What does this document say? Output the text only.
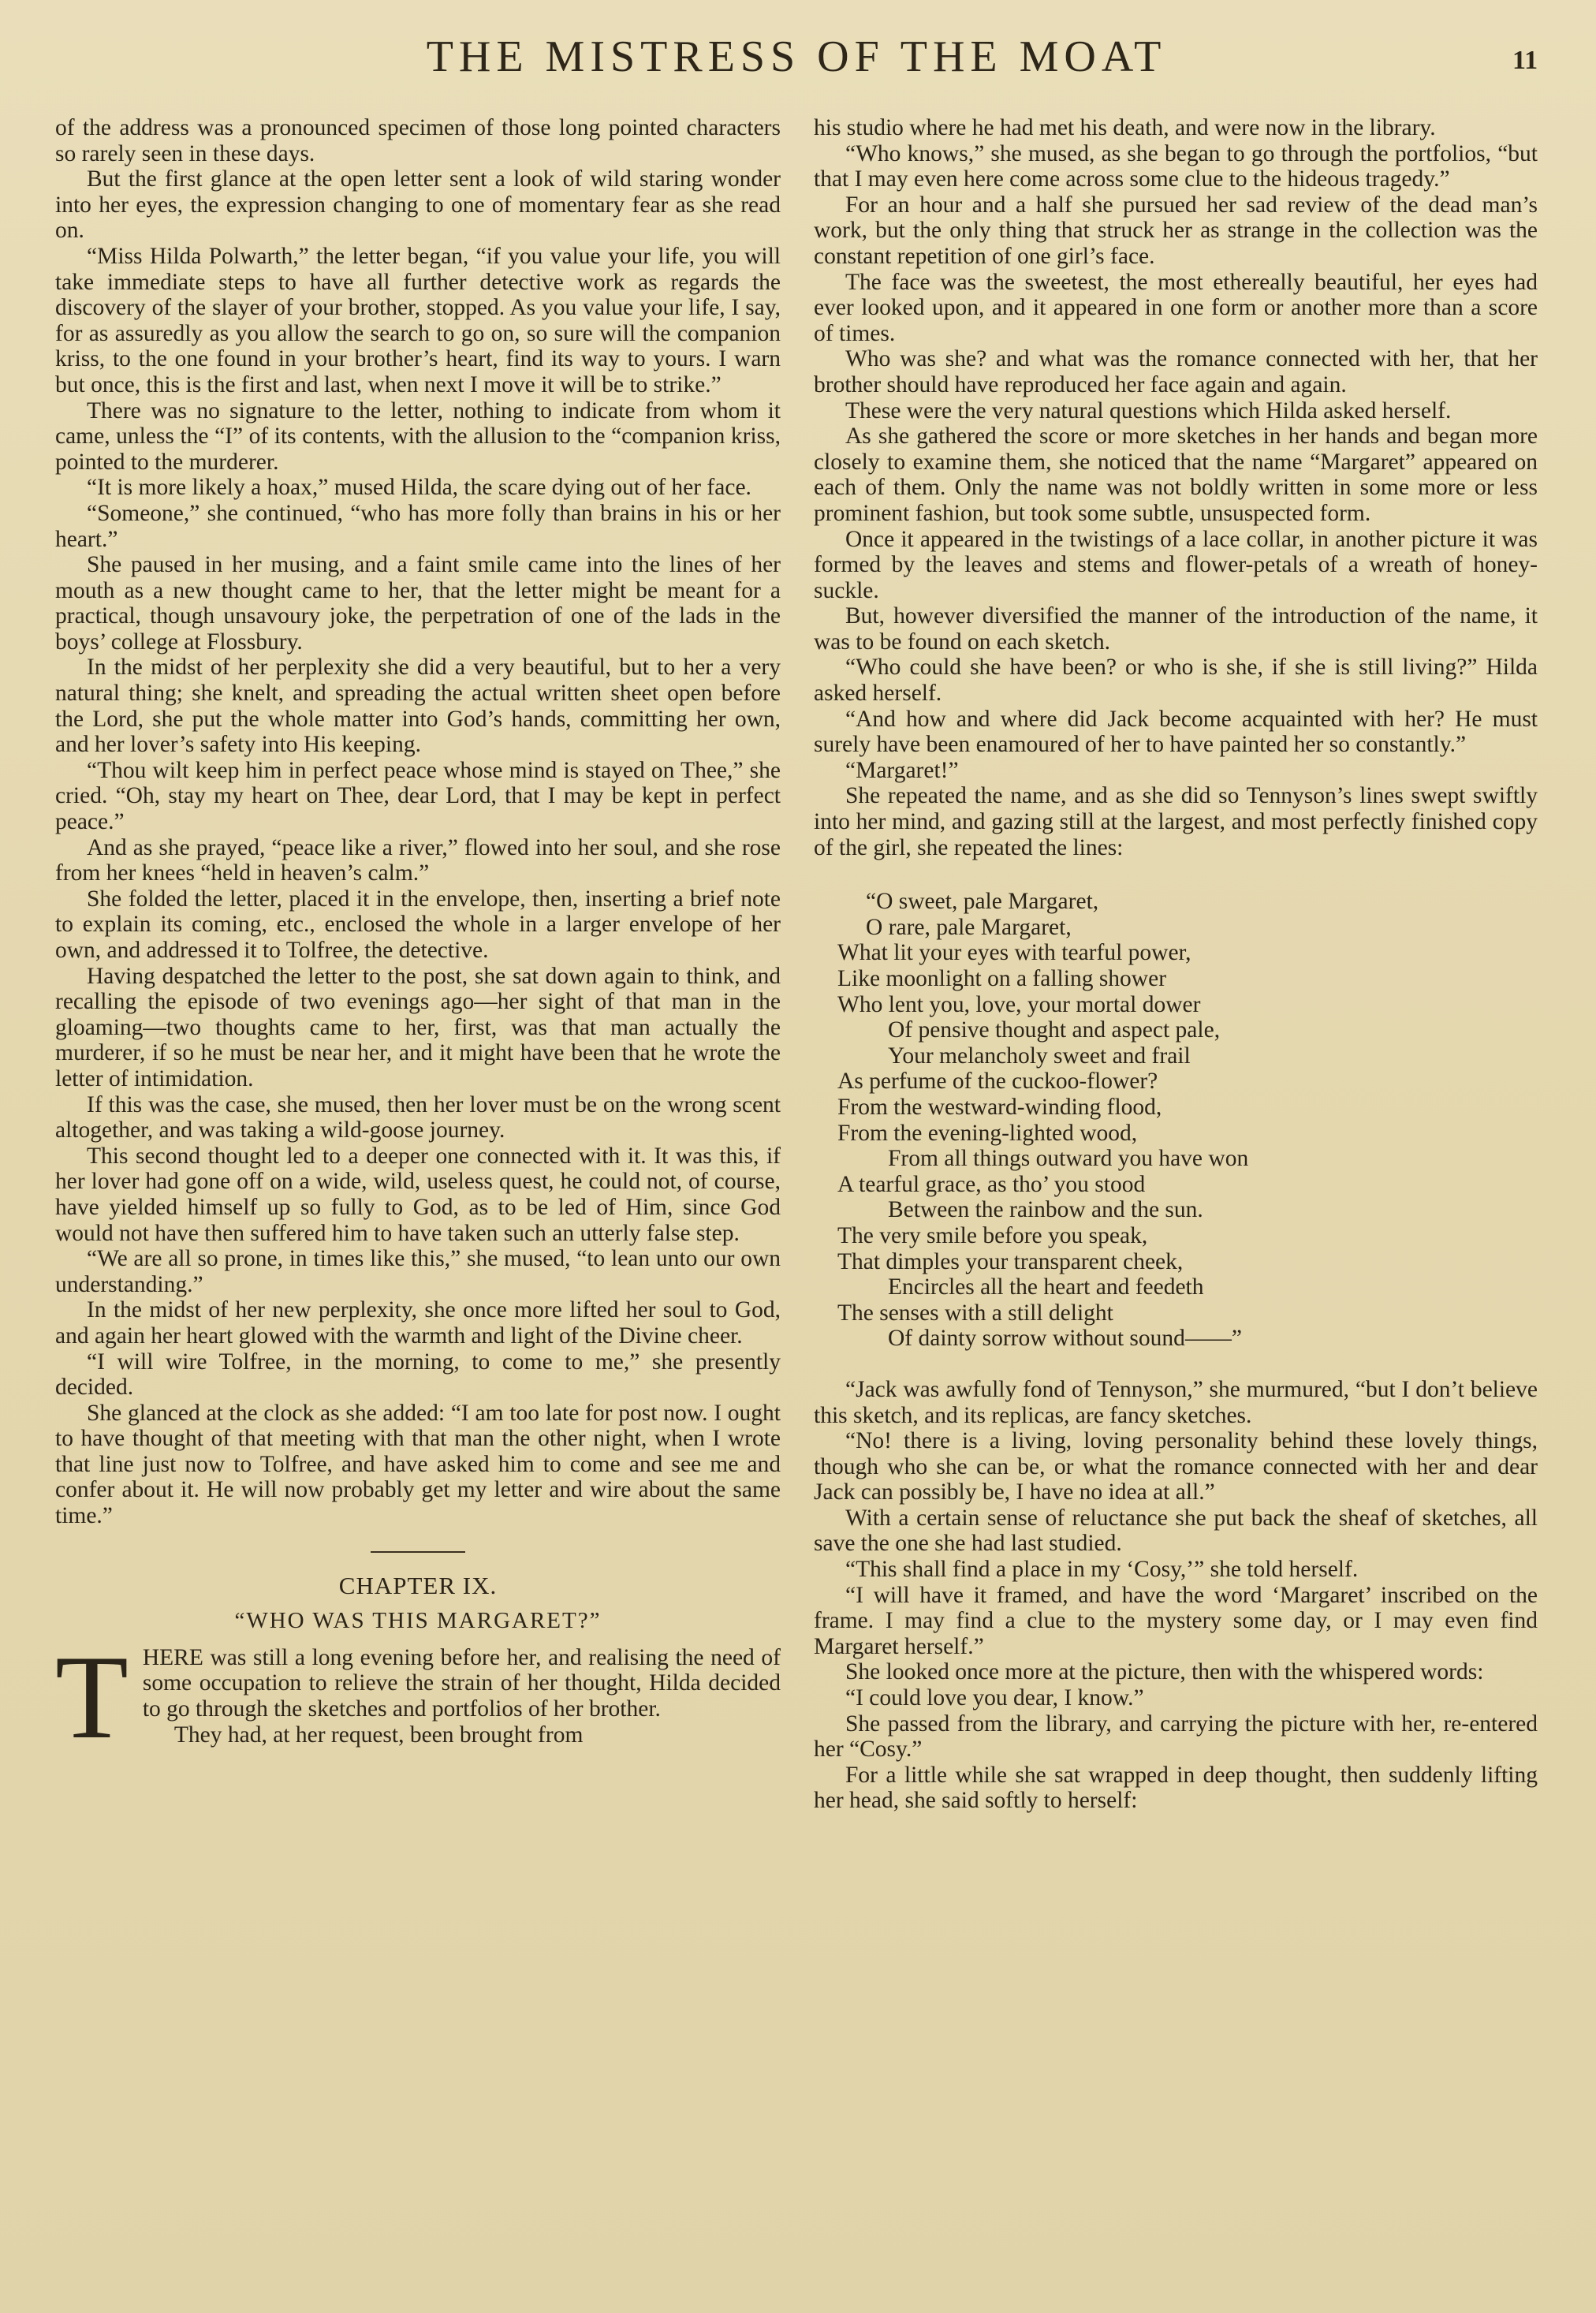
THE MISTRESS OF THE MOAT	11

of the address was a pronounced specimen of those long pointed characters so rarely seen in these days.

But the first glance at the open letter sent a look of wild staring wonder into her eyes, the expression changing to one of momentary fear as she read on.

“Miss Hilda Polwarth,” the letter began, “if you value your life, you will take immediate steps to have all further detective work as regards the discovery of the slayer of your brother, stopped. As you value your life, I say, for as assuredly as you allow the search to go on, so sure will the companion kriss, to the one found in your brother’s heart, find its way to yours. I warn but once, this is the first and last, when next I move it will be to strike.”

There was no signature to the letter, nothing to indicate from whom it came, unless the “I” of its contents, with the allusion to the “companion kriss, pointed to the murderer.

“It is more likely a hoax,” mused Hilda, the scare dying out of her face.

“Someone,” she continued, “who has more folly than brains in his or her heart.”

She paused in her musing, and a faint smile came into the lines of her mouth as a new thought came to her, that the letter might be meant for a practical, though unsavoury joke, the perpetration of one of the lads in the boys’ college at Flossbury.

In the midst of her perplexity she did a very beautiful, but to her a very natural thing; she knelt, and spreading the actual written sheet open before the Lord, she put the whole matter into God’s hands, committing her own, and her lover’s safety into His keeping.

“Thou wilt keep him in perfect peace whose mind is stayed on Thee,” she cried. “Oh, stay my heart on Thee, dear Lord, that I may be kept in perfect peace.”

And as she prayed, “peace like a river,” flowed into her soul, and she rose from her knees “held in heaven’s calm.”

She folded the letter, placed it in the envelope, then, inserting a brief note to explain its coming, etc., enclosed the whole in a larger envelope of her own, and addressed it to Tolfree, the detective.

Having despatched the letter to the post, she sat down again to think, and recalling the episode of two evenings ago—her sight of that man in the gloaming—two thoughts came to her, first, was that man actually the murderer, if so he must be near her, and it might have been that he wrote the letter of intimidation.

If this was the case, she mused, then her lover must be on the wrong scent altogether, and was taking a wild-goose journey.

This second thought led to a deeper one connected with it. It was this, if her lover had gone off on a wide, wild, useless quest, he could not, of course, have yielded himself up so fully to God, as to be led of Him, since God would not have then suffered him to have taken such an utterly false step.

“We are all so prone, in times like this,” she mused, “to lean unto our own understanding.”

In the midst of her new perplexity, she once more lifted her soul to God, and again her heart glowed with the warmth and light of the Divine cheer.

“I will wire Tolfree, in the morning, to come to me,” she presently decided.

She glanced at the clock as she added: “I am too late for post now. I ought to have thought of that meeting with that man the other night, when I wrote that line just now to Tolfree, and have asked him to come and see me and confer about it. He will now probably get my letter and wire about the same time.”

CHAPTER IX.
“WHO WAS THIS MARGARET?”

THERE was still a long evening before her, and realising the need of some occupation to relieve the strain of her thought, Hilda decided to go through the sketches and portfolios of her brother.

They had, at her request, been brought from

his studio where he had met his death, and were now in the library.

“Who knows,” she mused, as she began to go through the portfolios, “but that I may even here come across some clue to the hideous tragedy.”

For an hour and a half she pursued her sad review of the dead man’s work, but the only thing that struck her as strange in the collection was the constant repetition of one girl’s face.

The face was the sweetest, the most ethereally beautiful, her eyes had ever looked upon, and it appeared in one form or another more than a score of times.

Who was she? and what was the romance connected with her, that her brother should have reproduced her face again and again.

These were the very natural questions which Hilda asked herself.

As she gathered the score or more sketches in her hands and began more closely to examine them, she noticed that the name “Margaret” appeared on each of them. Only the name was not boldly written in some more or less prominent fashion, but took some subtle, unsuspected form.

Once it appeared in the twistings of a lace collar, in another picture it was formed by the leaves and stems and flower-petals of a wreath of honey-suckle.

But, however diversified the manner of the introduction of the name, it was to be found on each sketch.

“Who could she have been? or who is she, if she is still living?” Hilda asked herself.

“And how and where did Jack become acquainted with her? He must surely have been enamoured of her to have painted her so constantly.”

“Margaret!”

She repeated the name, and as she did so Tennyson’s lines swept swiftly into her mind, and gazing still at the largest, and most perfectly finished copy of the girl, she repeated the lines:

“O sweet, pale Margaret,
O rare, pale Margaret,
What lit your eyes with tearful power,
Like moonlight on a falling shower
Who lent you, love, your mortal dower
Of pensive thought and aspect pale,
Your melancholy sweet and frail
As perfume of the cuckoo-flower?
From the westward-winding flood,
From the evening-lighted wood,
From all things outward you have won
A tearful grace, as tho’ you stood
Between the rainbow and the sun.
The very smile before you speak,
That dimples your transparent cheek,
Encircles all the heart and feedeth
The senses with a still delight
Of dainty sorrow without sound——”

“Jack was awfully fond of Tennyson,” she murmured, “but I don’t believe this sketch, and its replicas, are fancy sketches.

“No! there is a living, loving personality behind these lovely things, though who she can be, or what the romance connected with her and dear Jack can possibly be, I have no idea at all.”

With a certain sense of reluctance she put back the sheaf of sketches, all save the one she had last studied.

“This shall find a place in my ‘Cosy,’” she told herself.

“I will have it framed, and have the word ‘Margaret’ inscribed on the frame. I may find a clue to the mystery some day, or I may even find Margaret herself.”

She looked once more at the picture, then with the whispered words:

“I could love you dear, I know.”

She passed from the library, and carrying the picture with her, re-entered her “Cosy.”

For a little while she sat wrapped in deep thought, then suddenly lifting her head, she said softly to herself:
